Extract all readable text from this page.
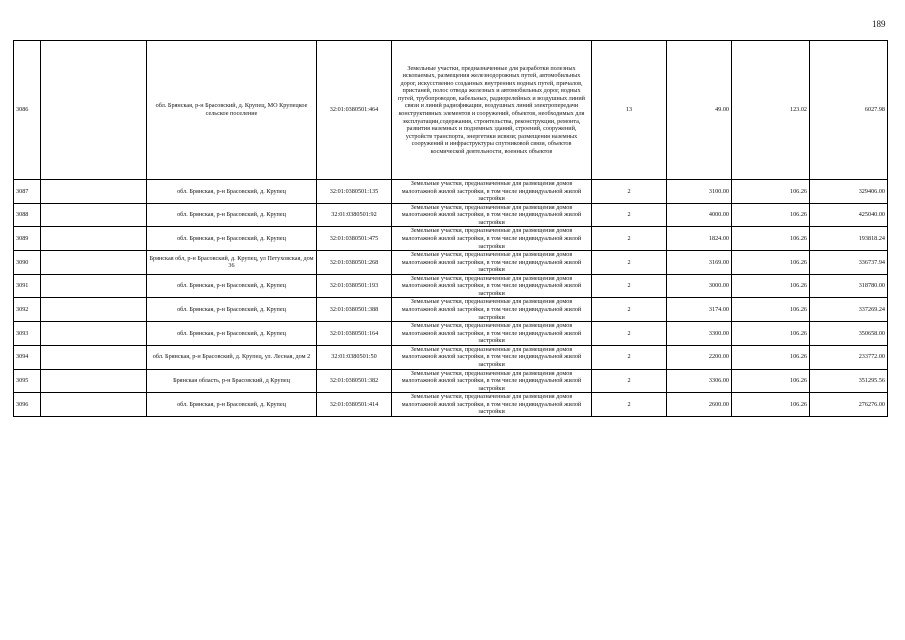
189
3086		обл. Брянская, р-н Брасовский, д. Крупец, МО Крупецкое сельское поселение	32:01:0380501:464	Земельные участки, предназначенные для разработки полезных ископаемых, размещения железнодорожных путей, автомобильных дорог, искусственно созданных внутренних водных путей, причалов, пристаней, полос отвода железных и автомобильных дорог, водных путей, трубопроводов, кабельных, радиорелейных и воздушных линий связи и линий радиофикации, воздушных линий электропередачи конструктивных элементов и сооружений, объектов, необходимых для эксплуатации,содержания, строительства, реконструкции, ремонта, развития наземных и подземных зданий, строений, сооружений, устройств транспорта, энергетики исвязи; размещения наземных сооружений и инфраструктуры спутниковой связи, объектов космической деятельности, военных объектов	13	49.00	123.02	6027.98
3087		обл. Брянская, р-н Брасовский, д. Крупец	32:01:0380501:135	Земельные участки, предназначенные для размещения домов малоэтажной жилой застройки, в том числе индивидуальной жилой застройки	2	3100.00	106.26	329406.00
3088		обл. Брянская, р-н Брасовский, д. Крупец	32:01:0380501:92	Земельные участки, предназначенные для размещения домов малоэтажной жилой застройки, в том числе индивидуальной жилой застройки	2	4000.00	106.26	425040.00
3089		обл. Брянская, р-н Брасовский, д. Крупец	32:01:0380501:475	Земельные участки, предназначенные для размещения домов малоэтажной жилой застройки, в том числе индивидуальной жилой застройки	2	1824.00	106.26	193818.24
3090		Брянская обл, р-н Брасовский, д. Крупец, ул Петуховская, дом 36	32:01:0380501:268	Земельные участки, предназначенные для размещения домов малоэтажной жилой застройки, в том числе индивидуальной жилой застройки	2	3169.00	106.26	336737.94
3091		обл. Брянская, р-н Брасовский, д. Крупец	32:01:0380501:193	Земельные участки, предназначенные для размещения домов малоэтажной жилой застройки, в том числе индивидуальной жилой застройки	2	3000.00	106.26	318780.00
3092		обл. Брянская, р-н Брасовский, д. Крупец	32:01:0380501:388	Земельные участки, предназначенные для размещения домов малоэтажной жилой застройки, в том числе индивидуальной жилой застройки	2	3174.00	106.26	337269.24
3093		обл. Брянская, р-н Брасовский, д. Крупец	32:01:0380501:164	Земельные участки, предназначенные для размещения домов малоэтажной жилой застройки, в том числе индивидуальной жилой застройки	2	3300.00	106.26	350658.00
3094		обл. Брянская, р-н Брасовский, д. Крупец, ул. Лесная, дом 2	32:01:0380501:50	Земельные участки, предназначенные для размещения домов малоэтажной жилой застройки, в том числе индивидуальной жилой застройки	2	2200.00	106.26	233772.00
3095		Брянская область, р-н Брасовский, д Крупец	32:01:0380501:382	Земельные участки, предназначенные для размещения домов малоэтажной жилой застройки, в том числе индивидуальной жилой застройки	2	3306.00	106.26	351295.56
3096		обл. Брянская, р-н Брасовский, д. Крупец	32:01:0380501:414	Земельные участки, предназначенные для размещения домов малоэтажной жилой застройки, в том числе индивидуальной жилой застройки	2	2600.00	106.26	276276.00
